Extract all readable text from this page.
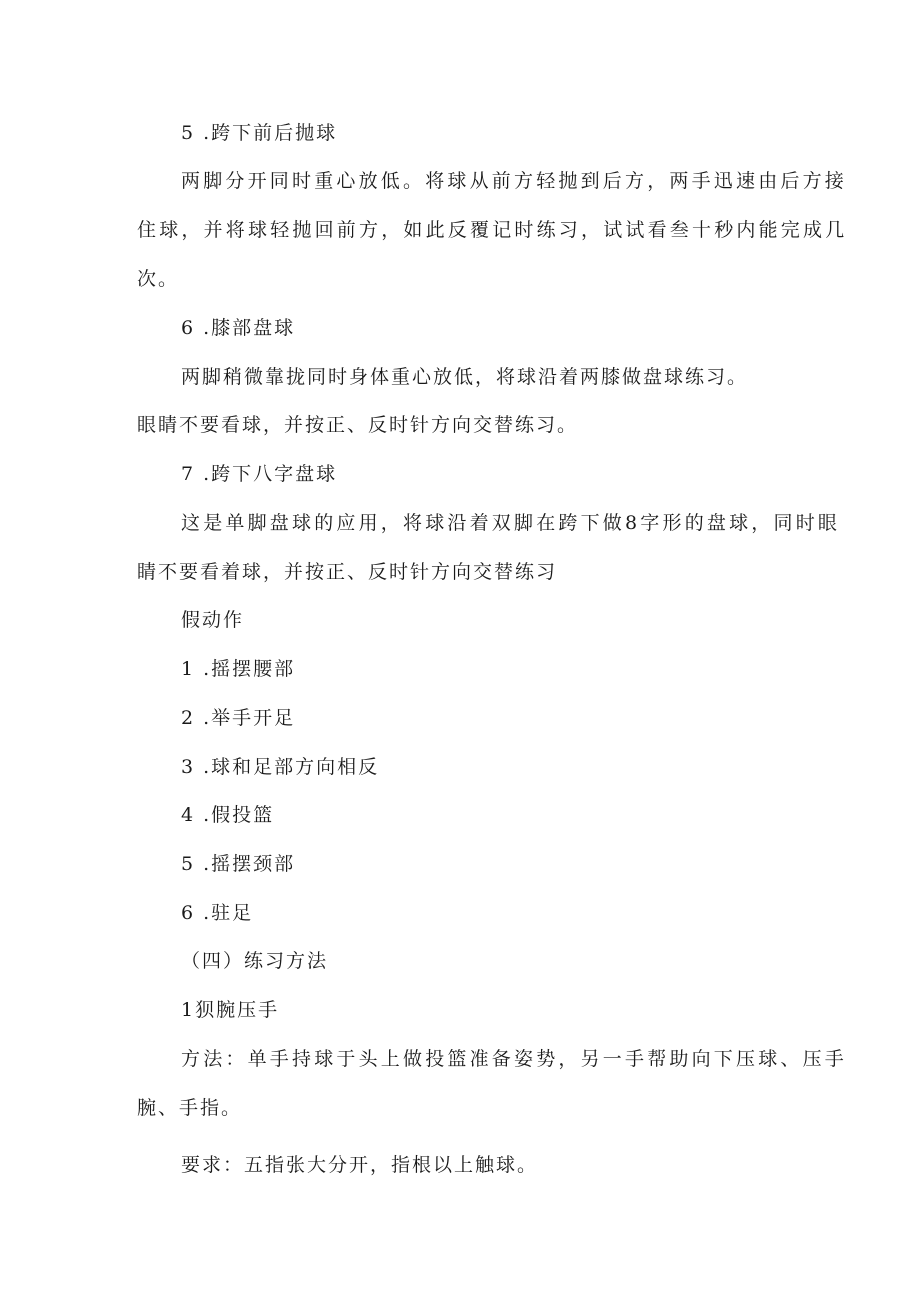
5 .跨下前后抛球
两脚分开同时重心放低。将球从前方轻抛到后方，两手迅速由后方接
住球，并将球轻抛回前方，如此反覆记时练习，试试看叁十秒内能完成几
次。
6 .膝部盘球
两脚稍微靠拢同时身体重心放低，将球沿着两膝做盘球练习。
眼睛不要看球，并按正、反时针方向交替练习。
7 .跨下八字盘球
这是单脚盘球的应用，将球沿着双脚在跨下做8字形的盘球，同时眼
睛不要看着球，并按正、反时针方向交替练习
假动作
1 .摇摆腰部
2 .举手开足
3 .球和足部方向相反
4 .假投篮
5 .摇摆颈部
6 .驻足
（四）练习方法
1狈腕压手
方法：单手持球于头上做投篮准备姿势，另一手帮助向下压球、压手
腕、手指。
要求：五指张大分开，指根以上触球。
